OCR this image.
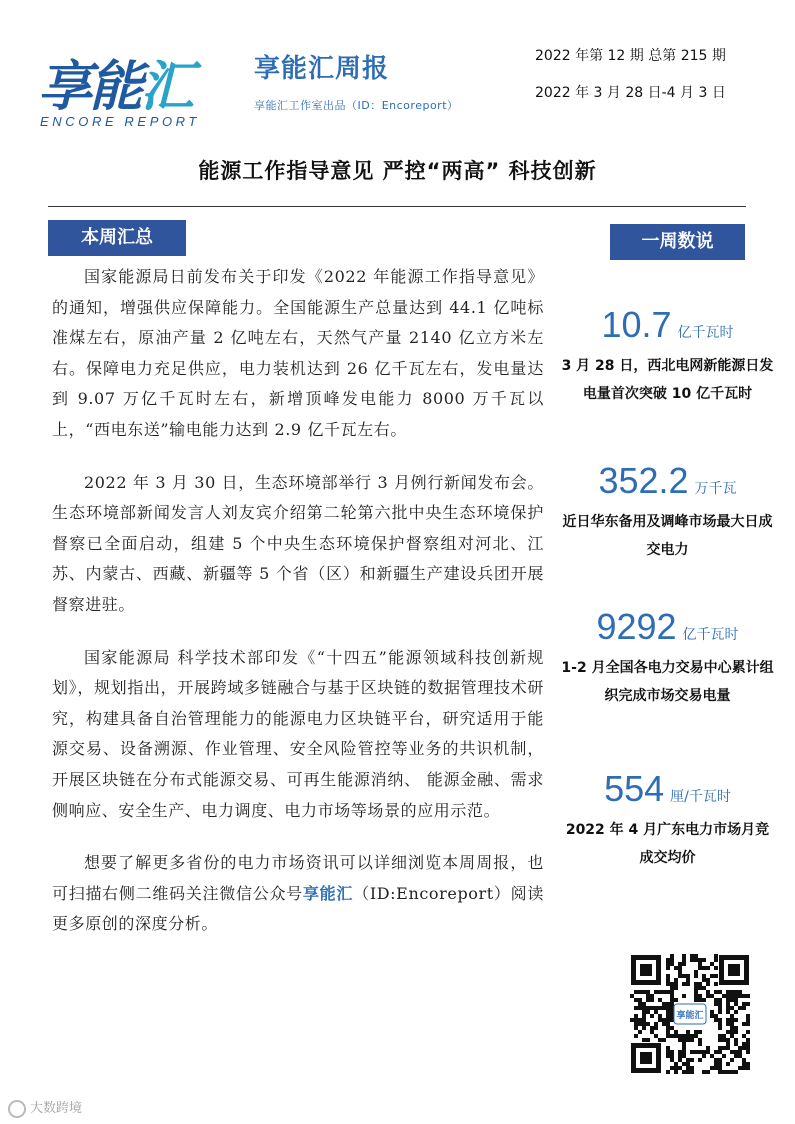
享能汇
ENCORE REPORT
享能汇周报
享能汇工作室出品（ID：Encoreport）
2022 年第 12 期 总第 215 期
2022 年 3 月 28 日-4 月 3 日
能源工作指导意见 严控“两高” 科技创新
本周汇总	一周数说

国家能源局日前发布关于印发《2022 年能源工作指导意见》的通知，增强供应保障能力。全国能源生产总量达到 44.1 亿吨标准煤左右，原油产量 2 亿吨左右，天然气产量 2140 亿立方米左右。保障电力充足供应，电力装机达到 26 亿千瓦左右，发电量达到 9.07 万亿千瓦时左右，新增顶峰发电能力 8000 万千瓦以上，“西电东送”输电能力达到 2.9 亿千瓦左右。

2022 年 3 月 30 日，生态环境部举行 3 月例行新闻发布会。生态环境部新闻发言人刘友宾介绍第二轮第六批中央生态环境保护督察已全面启动，组建 5 个中央生态环境保护督察组对河北、江苏、内蒙古、西藏、新疆等 5 个省（区）和新疆生产建设兵团开展督察进驻。

国家能源局 科学技术部印发《“十四五”能源领域科技创新规划》，规划指出，开展跨域多链融合与基于区块链的数据管理技术研究，构建具备自治管理能力的能源电力区块链平台，研究适用于能源交易、设备溯源、作业管理、安全风险管控等业务的共识机制，开展区块链在分布式能源交易、可再生能源消纳、 能源金融、需求侧响应、安全生产、电力调度、电力市场等场景的应用示范。

想要了解更多省份的电力市场资讯可以详细浏览本周周报，也可扫描右侧二维码关注微信公众号享能汇（ID:Encoreport）阅读更多原创的深度分析。

10.7 亿千瓦时
3 月 28 日，西北电网新能源日发电量首次突破 10 亿千瓦时
352.2 万千瓦
近日华东备用及调峰市场最大日成交电力
9292 亿千瓦时
1-2 月全国各电力交易中心累计组织完成市场交易电量
554 厘/千瓦时
2022 年 4 月广东电力市场月竞成交均价
享能汇
大数跨境
